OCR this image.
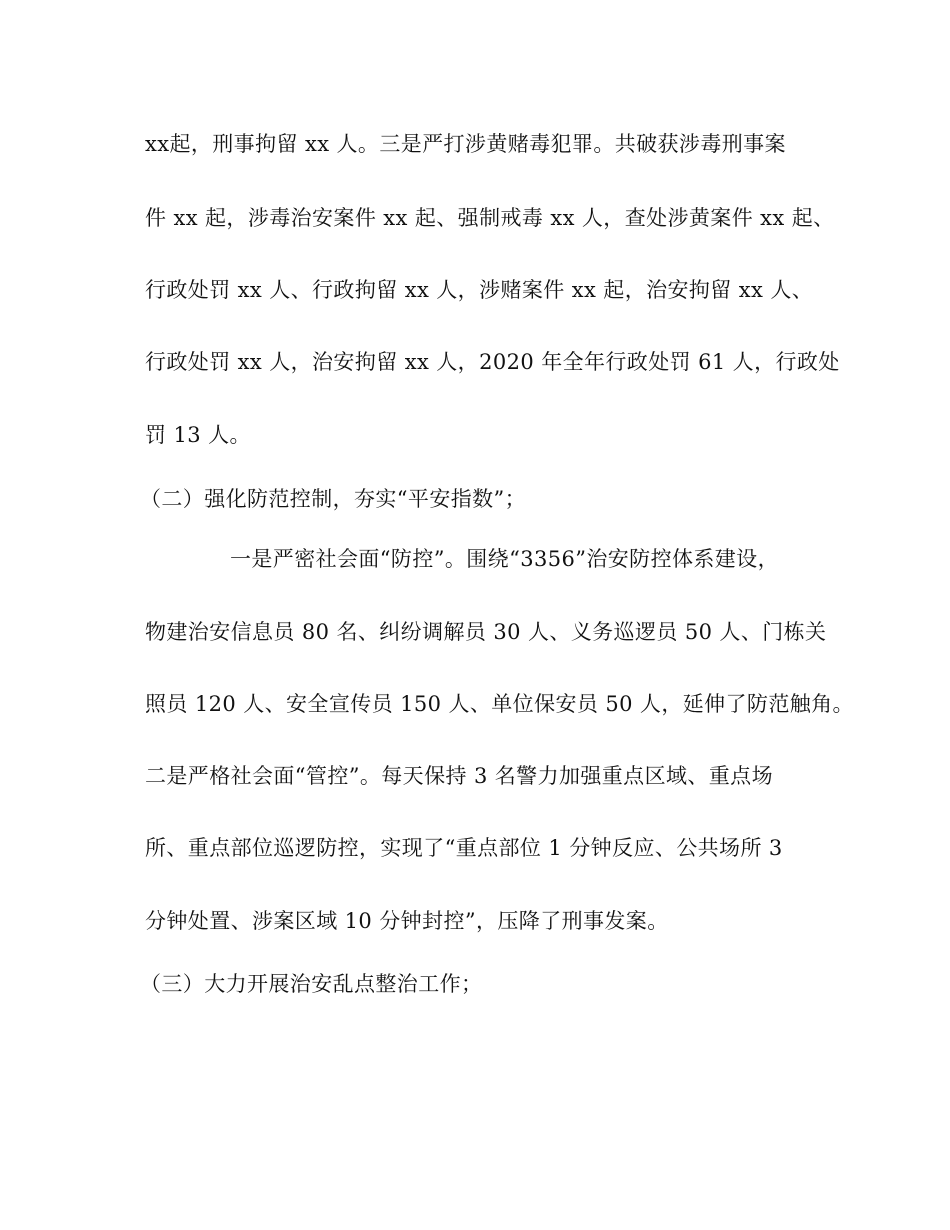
xx起，刑事拘留 xx 人。三是严打涉黄赌毒犯罪。共破获涉毒刑事案
件 xx 起，涉毒治安案件 xx 起、强制戒毒 xx 人，查处涉黄案件 xx 起、
行政处罚 xx 人、行政拘留 xx 人，涉赌案件 xx 起，治安拘留 xx 人、
行政处罚 xx 人，治安拘留 xx 人，2020 年全年行政处罚 61 人，行政处
罚 13 人。
（二）强化防范控制，夯实“平安指数”；
一是严密社会面“防控”。围绕“3356”治安防控体系建设，
物建治安信息员 80 名、纠纷调解员 30 人、义务巡逻员 50 人、门栋关
照员 120 人、安全宣传员 150 人、单位保安员 50 人，延伸了防范触角。
二是严格社会面“管控”。每天保持 3 名警力加强重点区域、重点场
所、重点部位巡逻防控，实现了“重点部位 1 分钟反应、公共场所 3
分钟处置、涉案区域 10 分钟封控”，压降了刑事发案。
（三）大力开展治安乱点整治工作；
